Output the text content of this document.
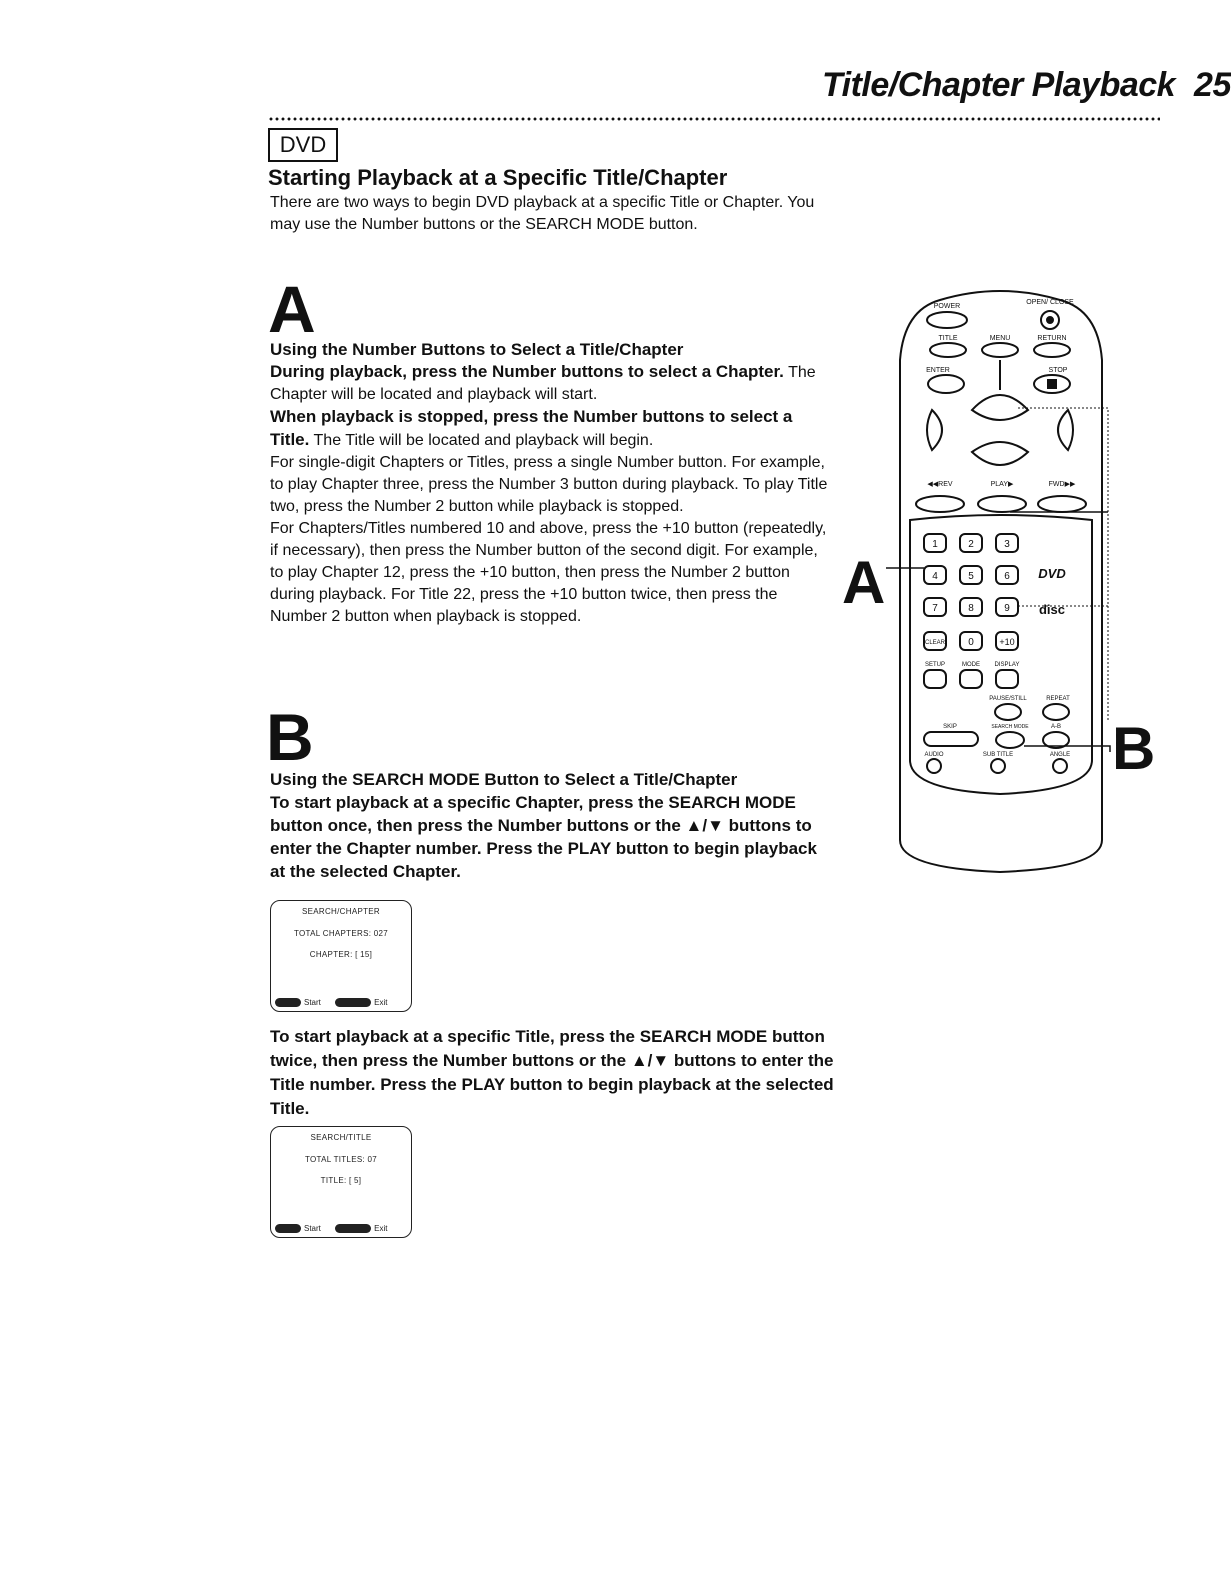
Title/Chapter Playback 25
DVD
Starting Playback at a Specific Title/Chapter
There are two ways to begin DVD playback at a specific Title or Chapter. You may use the Number buttons or the SEARCH MODE button.
A

Using the Number Buttons to Select a Title/Chapter

During playback, press the Number buttons to select a Chapter. The Chapter will be located and playback will start.

When playback is stopped, press the Number buttons to select a Title. The Title will be located and playback will begin.

For single-digit Chapters or Titles, press a single Number button. For example, to play Chapter three, press the Number 3 button during playback. To play Title two, press the Number 2 button while playback is stopped.

For Chapters/Titles numbered 10 and above, press the +10 button (repeatedly, if necessary), then press the Number button of the second digit. For example, to play Chapter 12, press the +10 button, then press the Number 2 button during playback. For Title 22, press the +10 button twice, then press the Number 2 button when playback is stopped.

B

Using the SEARCH MODE Button to Select a Title/Chapter

To start playback at a specific Chapter, press the SEARCH MODE button once, then press the Number buttons or the ▲/▼ buttons to enter the Chapter number. Press the PLAY button to begin playback at the selected Chapter.

SEARCH/CHAPTER
TOTAL CHAPTERS: 027
CHAPTER: [ 15]
Start	Exit
To start playback at a specific Title, press the SEARCH MODE button twice, then press the Number buttons or the ▲/▼ buttons to enter the Title number. Press the PLAY button to begin playback at the selected Title.
SEARCH/TITLE
TOTAL TITLES: 07
TITLE: [ 5]
Start	Exit
A
B
POWER
OPEN/ CLOSE
TITLE	MENU	RETURN
ENTER	STOP
◀◀REV	PLAY▶	FWD▶▶
1	2	3
4	5	6
7	8	9
CLEAR 0	+10
SETUP	MODE DISPLAY
PAUSE/STILL	REPEAT
SKIP	SEARCH MODE	A-B
AUDIO	SUB TITLE	ANGLE
DVD
disc
